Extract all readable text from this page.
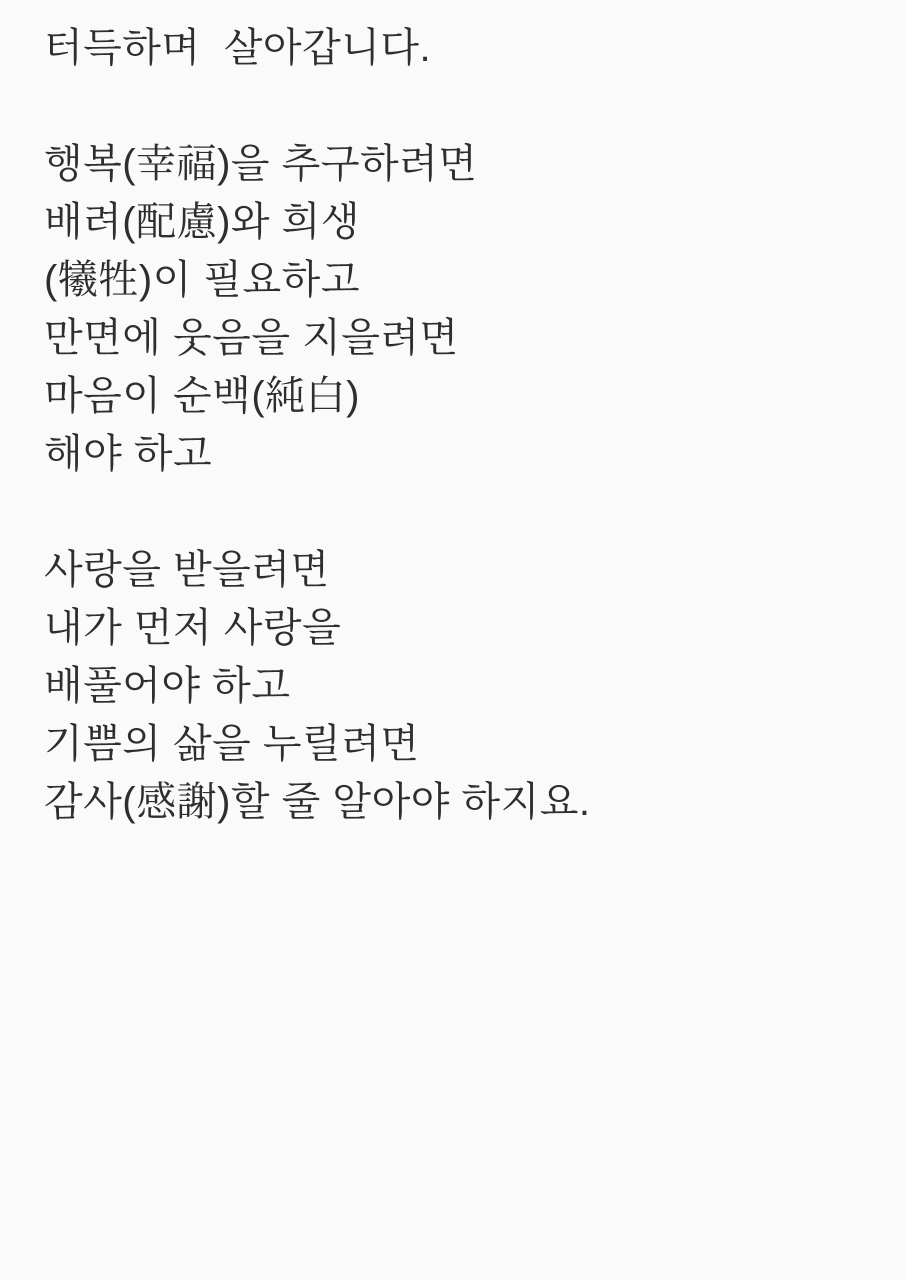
터득하며  살아갑니다.

행복(幸福)을 추구하려면

배려(配慮)와 희생

(犧牲)이 필요하고

만면에 웃음을 지을려면

마음이 순백(純白)

해야 하고

사랑을 받을려면

내가 먼저 사랑을

배풀어야 하고

기쁨의 삶을 누릴려면

감사(感謝)할 줄 알아야 하지요.
